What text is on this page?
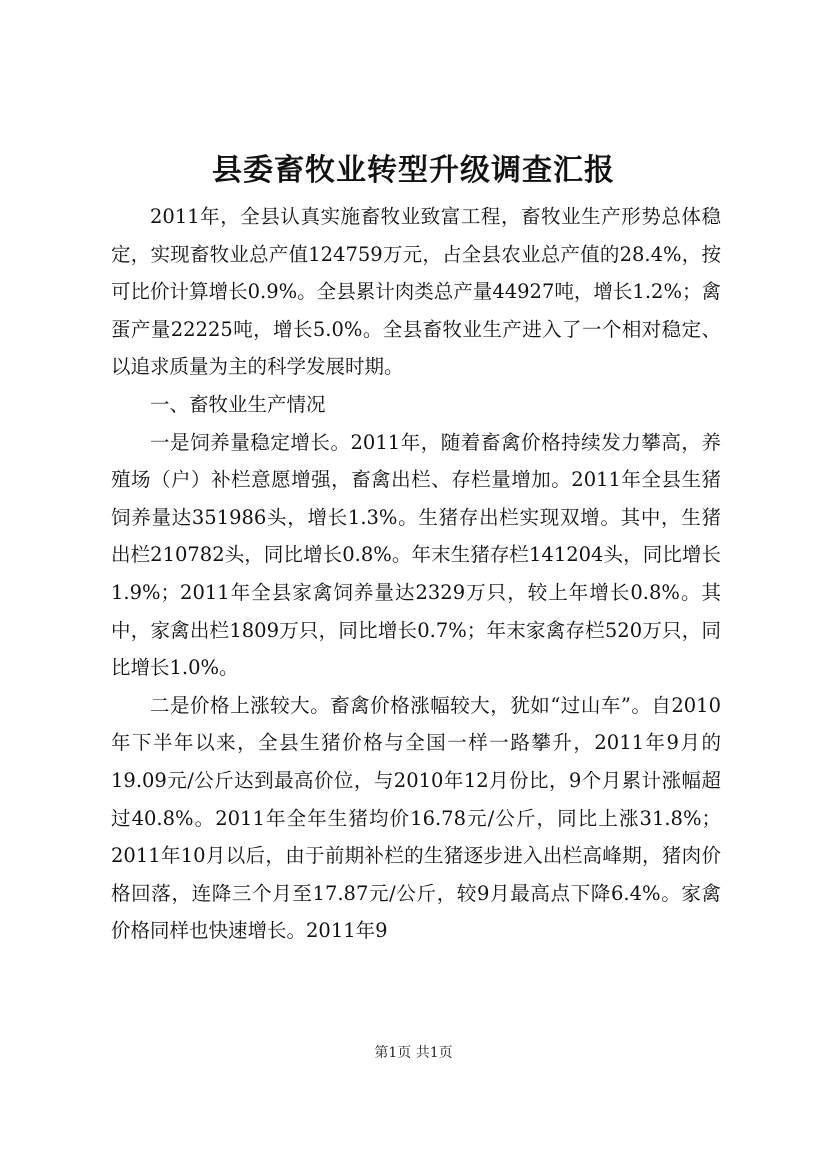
县委畜牧业转型升级调查汇报

2011年，全县认真实施畜牧业致富工程，畜牧业生产形势总体稳定，实现畜牧业总产值124759万元，占全县农业总产值的28.4%，按可比价计算增长0.9%。全县累计肉类总产量44927吨，增长1.2%；禽蛋产量22225吨，增长5.0%。全县畜牧业生产进入了一个相对稳定、以追求质量为主的科学发展时期。

一、畜牧业生产情况

一是饲养量稳定增长。2011年，随着畜禽价格持续发力攀高，养殖场（户）补栏意愿增强，畜禽出栏、存栏量增加。2011年全县生猪饲养量达351986头，增长1.3%。生猪存出栏实现双增。其中，生猪出栏210782头，同比增长0.8%。年末生猪存栏141204头，同比增长1.9%；2011年全县家禽饲养量达2329万只，较上年增长0.8%。其中，家禽出栏1809万只，同比增长0.7%；年末家禽存栏520万只，同比增长1.0%。

二是价格上涨较大。畜禽价格涨幅较大，犹如“过山车”。自2010年下半年以来，全县生猪价格与全国一样一路攀升，2011年9月的19.09元/公斤达到最高价位，与2010年12月份比，9个月累计涨幅超过40.8%。2011年全年生猪均价16.78元/公斤，同比上涨31.8%；2011年10月以后，由于前期补栏的生猪逐步进入出栏高峰期，猪肉价格回落，连降三个月至17.87元/公斤，较9月最高点下降6.4%。家禽价格同样也快速增长。2011年9

第1页 共1页
